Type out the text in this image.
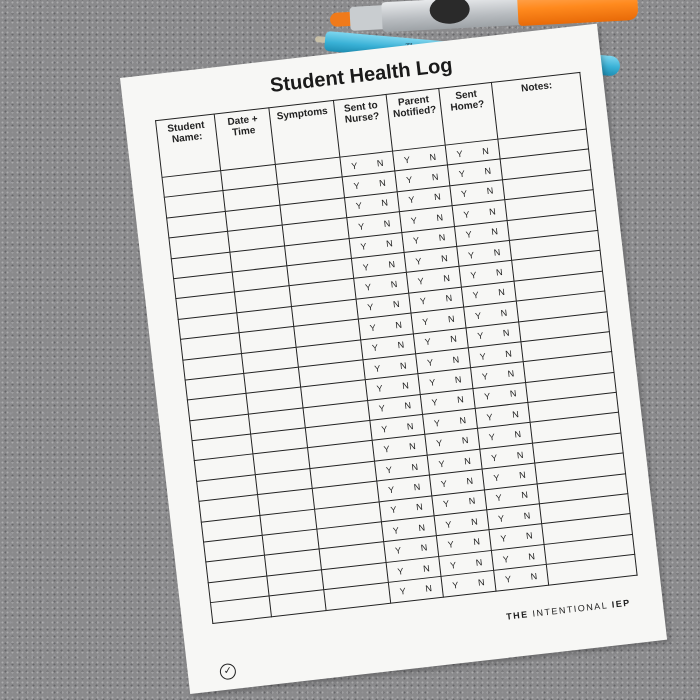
Student Health Log
Student Name:	Date + Time	Symptoms	Sent to Nurse?	Parent Notified?	Sent Home?	Notes:

			Y N	Y N	Y N	

			Y N	Y N	Y N	

			Y N	Y N	Y N	

			Y N	Y N	Y N	

			Y N	Y N	Y N	

			Y N	Y N	Y N	

			Y N	Y N	Y N	

			Y N	Y N	Y N	

			Y N	Y N	Y N	

			Y N	Y N	Y N	

			Y N	Y N	Y N	

			Y N	Y N	Y N	

			Y N	Y N	Y N	

			Y N	Y N	Y N	

			Y N	Y N	Y N	

			Y N	Y N	Y N	

			Y N	Y N	Y N	

			Y N	Y N	Y N	

			Y N	Y N	Y N	

			Y N	Y N	Y N	

			Y N	Y N	Y N	

			Y N	Y N	Y N	

THE INTENTIONAL IEP
✓
